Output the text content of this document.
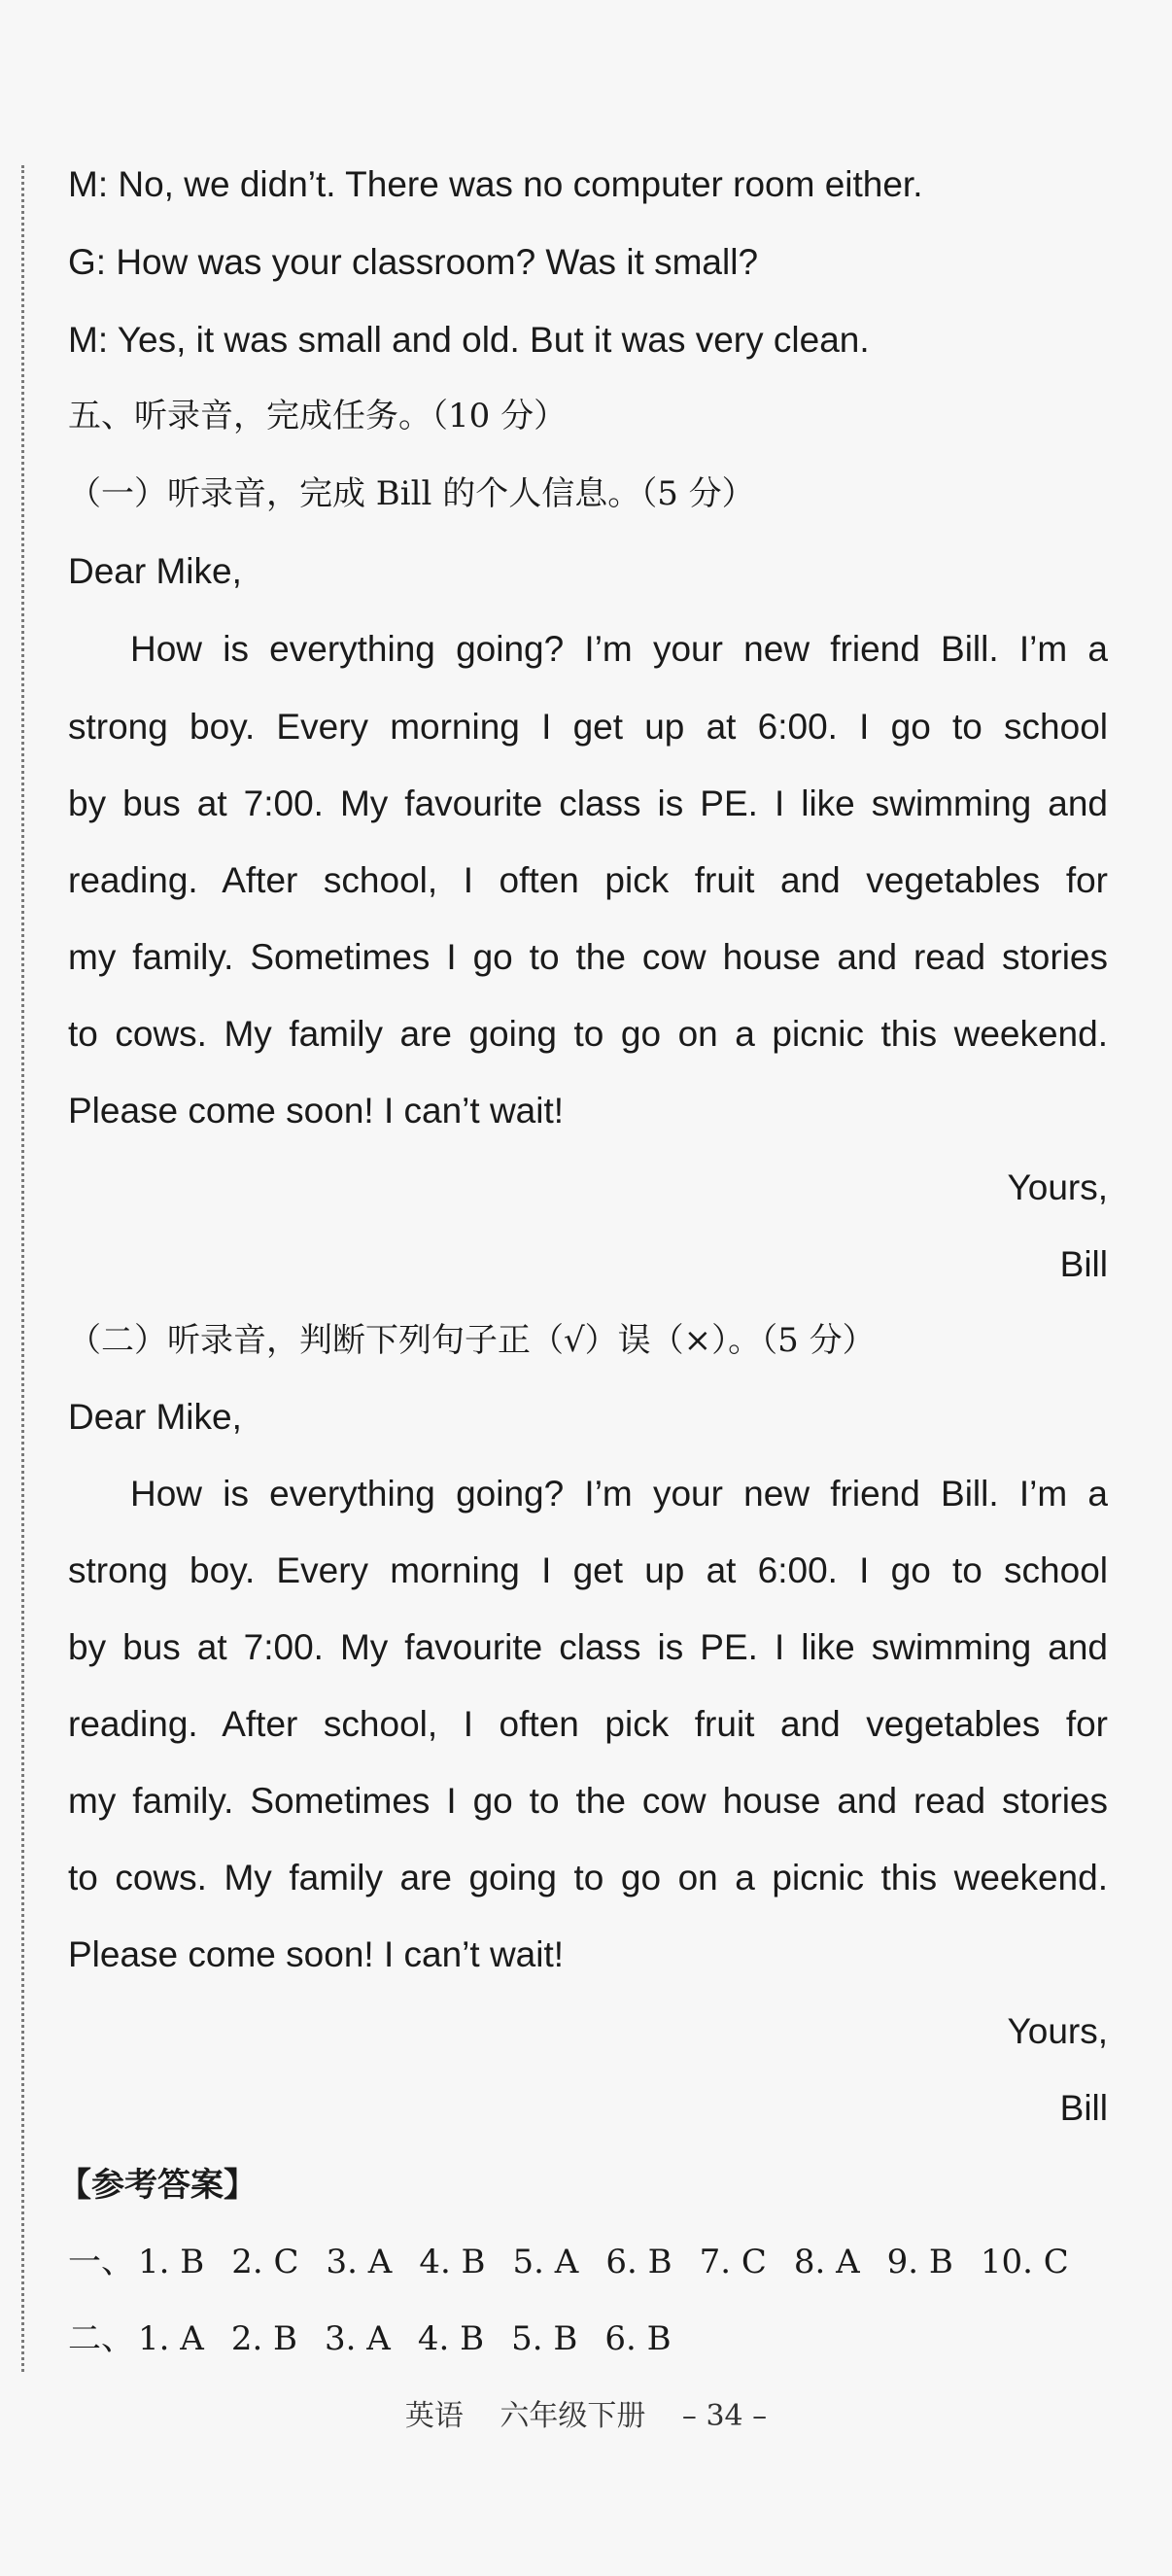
M: No, we didn’t. There was no computer room either.
G: How was your classroom? Was it small?
M: Yes, it was small and old. But it was very clean.
五、听录音，完成任务。（10 分）
（一）听录音，完成 Bill 的个人信息。（5 分）
Dear Mike,
How is everything going? I’m your new friend Bill. I’m a
strong boy. Every morning I get up at 6:00. I go to school
by bus at 7:00. My favourite class is PE. I like swimming and
reading. After school, I often pick fruit and vegetables for
my family. Sometimes I go to the cow house and read stories
to cows. My family are going to go on a picnic this weekend.
Please come soon! I can’t wait!
Yours,
Bill
（二）听录音，判断下列句子正（√）误（×）。（5 分）
Dear Mike,
How is everything going? I’m your new friend Bill. I’m a
strong boy. Every morning I get up at 6:00. I go to school
by bus at 7:00. My favourite class is PE. I like swimming and
reading. After school, I often pick fruit and vegetables for
my family. Sometimes I go to the cow house and read stories
to cows. My family are going to go on a picnic this weekend.
Please come soon! I can’t wait!
Yours,
Bill
【参考答案】
一、 1. B 2. C 3. A 4. B 5. A 6. B 7. C 8. A 9. B 10. C
二、 1. A 2. B 3. A 4. B 5. B 6. B
英语 六年级下册 – 34 –
